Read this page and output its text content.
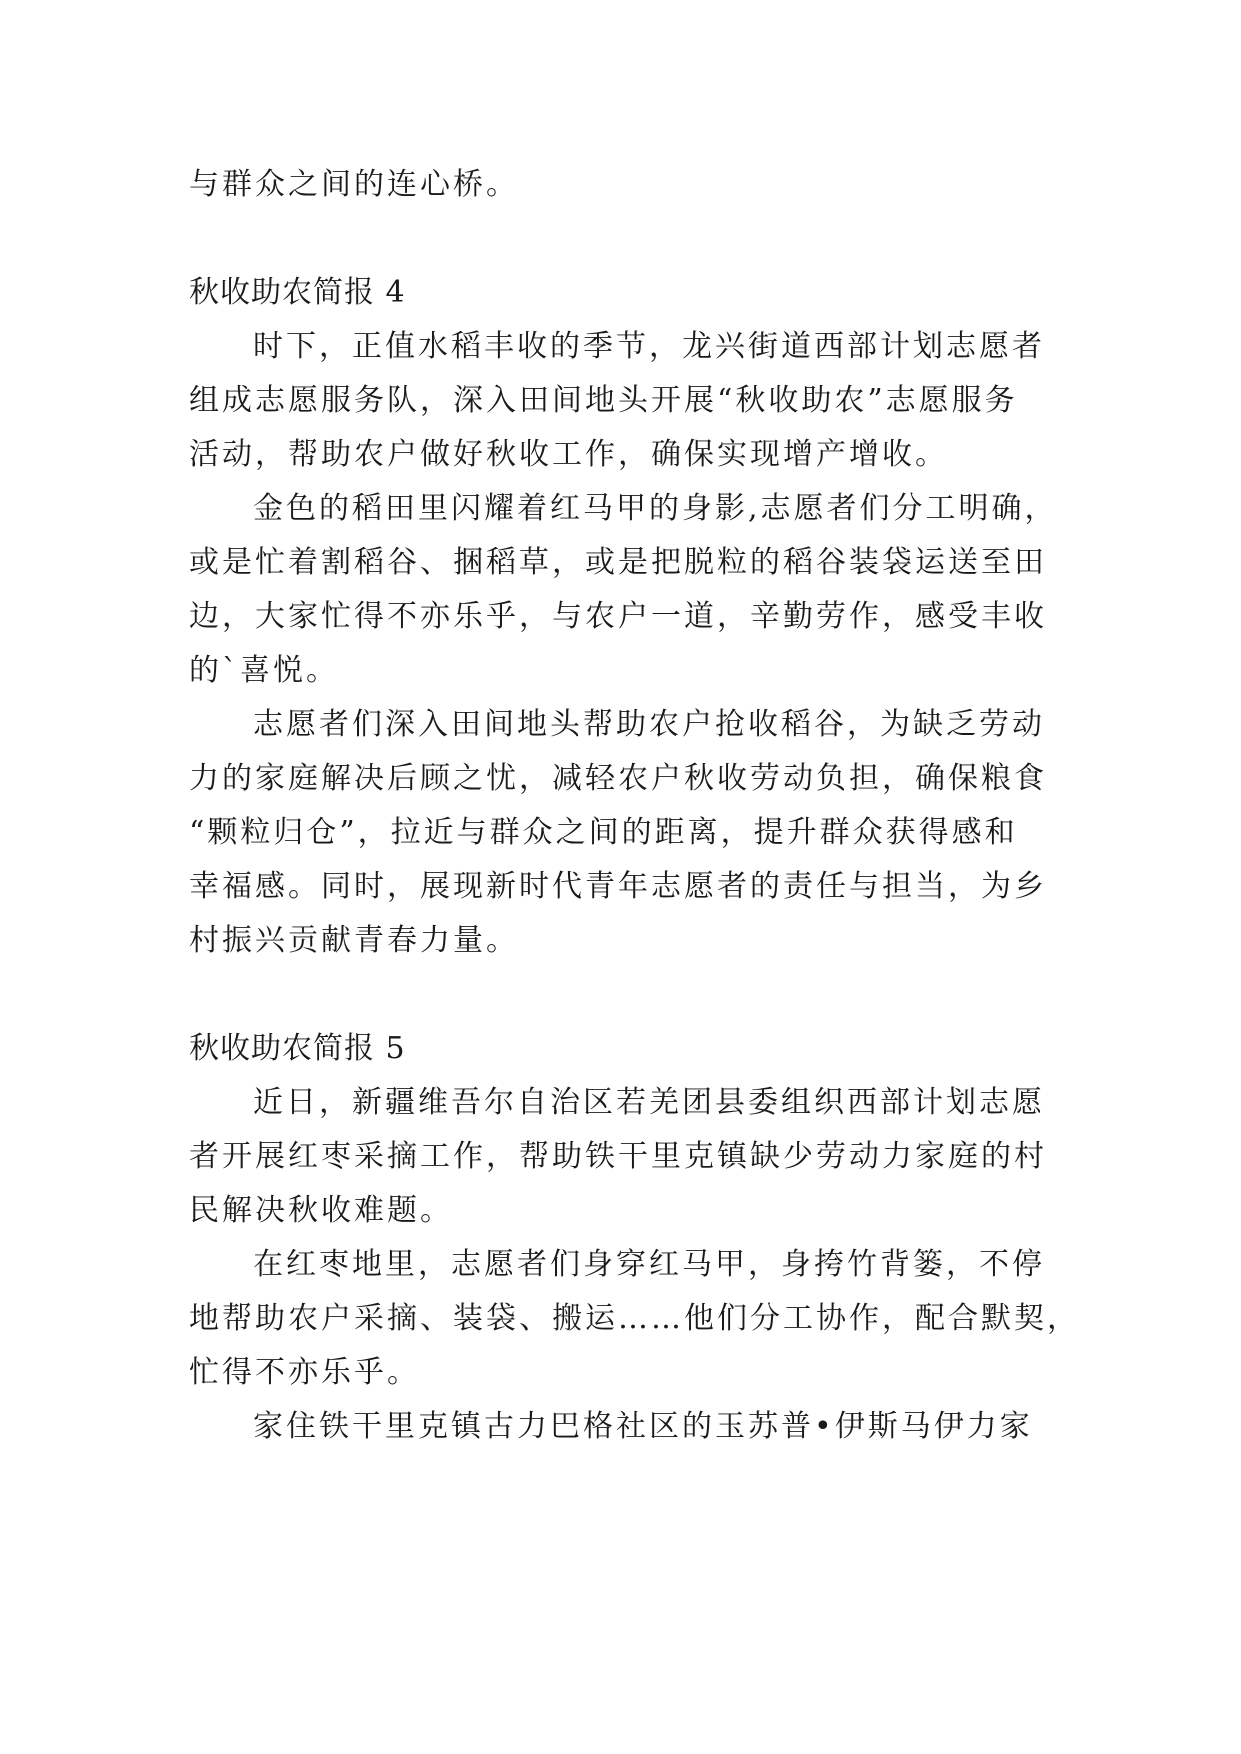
与群众之间的连心桥。
秋收助农简报 4
时下，正值水稻丰收的季节，龙兴街道西部计划志愿者
组成志愿服务队，深入田间地头开展“秋收助农”志愿服务
活动，帮助农户做好秋收工作，确保实现增产增收。
金色的稻田里闪耀着红马甲的身影,志愿者们分工明确，
或是忙着割稻谷、捆稻草，或是把脱粒的稻谷装袋运送至田
边，大家忙得不亦乐乎，与农户一道，辛勤劳作，感受丰收
的`喜悦。
志愿者们深入田间地头帮助农户抢收稻谷，为缺乏劳动
力的家庭解决后顾之忧，减轻农户秋收劳动负担，确保粮食
“颗粒归仓”，拉近与群众之间的距离，提升群众获得感和
幸福感。同时，展现新时代青年志愿者的责任与担当，为乡
村振兴贡献青春力量。
秋收助农简报 5
近日，新疆维吾尔自治区若羌团县委组织西部计划志愿
者开展红枣采摘工作，帮助铁干里克镇缺少劳动力家庭的村
民解决秋收难题。
在红枣地里，志愿者们身穿红马甲，身挎竹背篓，不停
地帮助农户采摘、装袋、搬运……他们分工协作，配合默契，
忙得不亦乐乎。
家住铁干里克镇古力巴格社区的玉苏普•伊斯马伊力家
